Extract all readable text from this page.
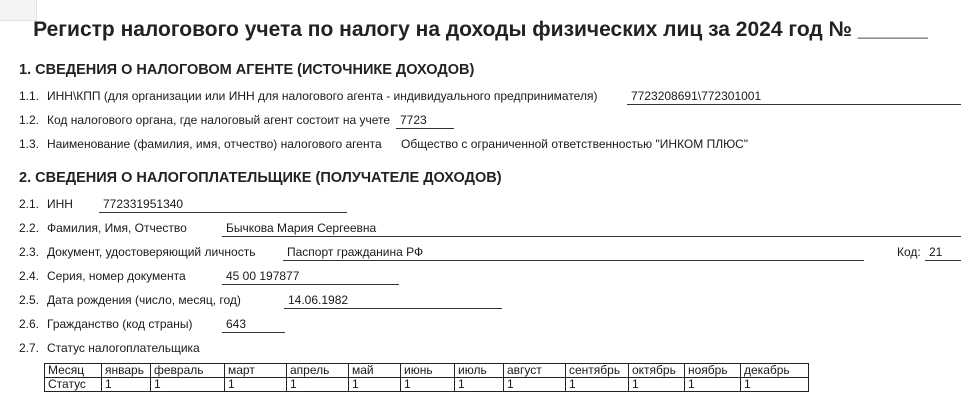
Регистр налогового учета по налогу на доходы физических лиц за 2024 год № ______
1. СВЕДЕНИЯ О НАЛОГОВОМ АГЕНТЕ (ИСТОЧНИКЕ ДОХОДОВ)
1.1. ИНН\КПП (для организации или ИНН для налогового агента - индивидуального предпринимателя)	7723208691\772301001
1.2. Код налогового органа, где налоговый агент состоит на учете 7723
1.3. Наименование (фамилия, имя, отчество) налогового агента Общество с ограниченной ответственностью "ИНКОМ ПЛЮС"
2. СВЕДЕНИЯ О НАЛОГОПЛАТЕЛЬЩИКЕ (ПОЛУЧАТЕЛЕ ДОХОДОВ)
2.1. ИНН	772331951340
2.2. Фамилия, Имя, Отчество	Бычкова Мария Сергеевна
2.3. Документ, удостоверяющий личность	Паспорт гражданина РФ	Код: 21
2.4. Серия, номер документа	45 00 197877
2.5. Дата рождения (число, месяц, год)	14.06.1982
2.6. Гражданство (код страны)	643
2.7. Статус налогоплательщика
Месяц	январь	февраль	март	апрель	май	июнь	июль	август	сентябрь	октябрь	ноябрь	декабрь
Статус	1	1	1	1	1	1	1	1	1	1	1	1
